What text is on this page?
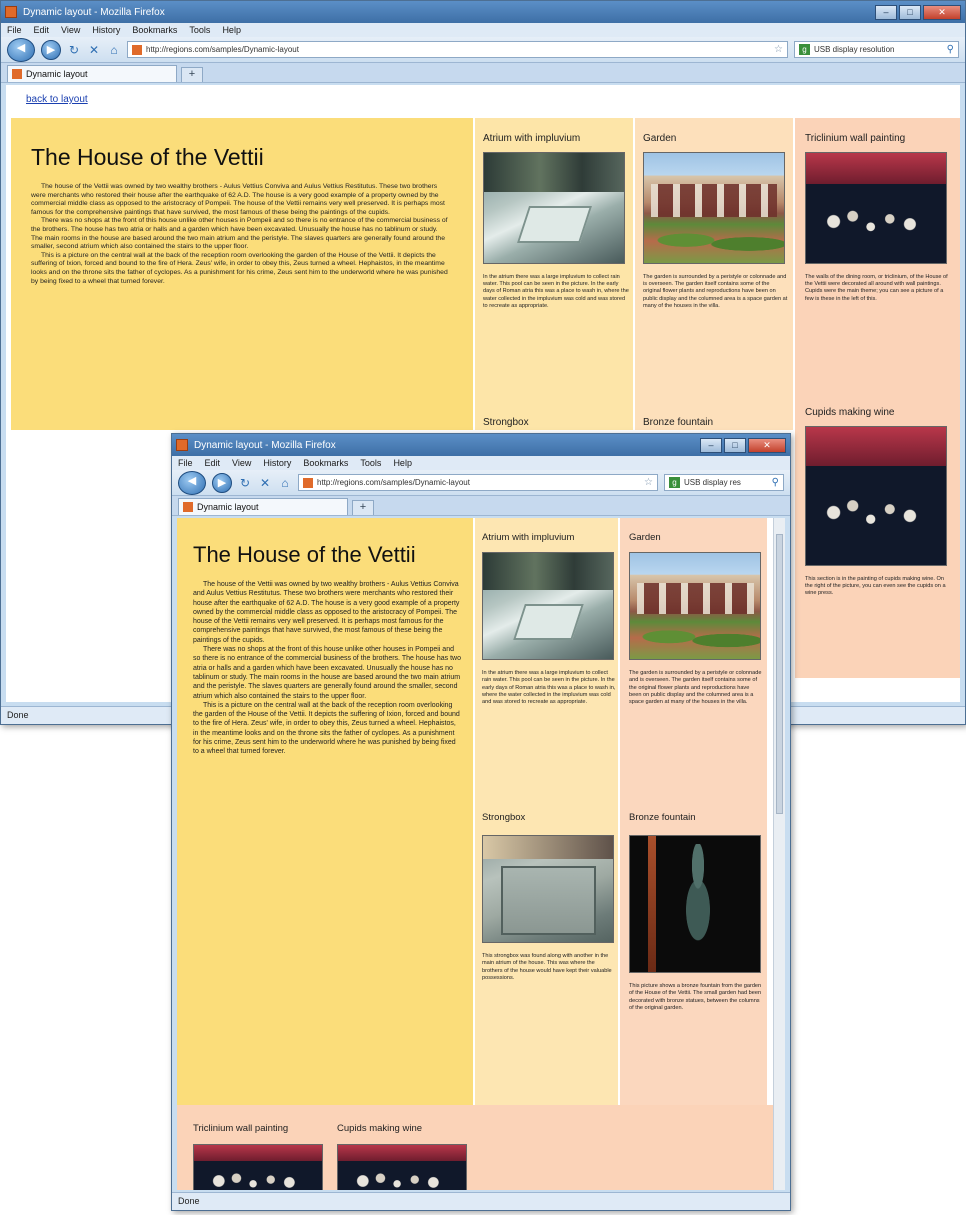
Dynamic layout - Mozilla Firefox	–	□	✕
File Edit View History Bookmarks Tools Help
◀	▶	↻ ✕ ⌂	http://regions.com/samples/Dynamic-layout	☆	g USB display resolution	⚲
Dynamic layout	+
back to layout
The House of the Vettii

The house of the Vettii was owned by two wealthy brothers - Aulus Vettius Conviva and Aulus Vettius Restitutus. These two brothers were merchants who restored their house after the earthquake of 62 A.D. The house is a very good example of a property owned by the commercial middle class as opposed to the aristocracy of Pompeii. The house of the Vettii remains very well preserved. It is perhaps most famous for the comprehensive paintings that have survived, the most famous of these being the paintings of the cupids.

There was no shops at the front of this house unlike other houses in Pompeii and so there is no entrance of the commercial business of the brothers. The house has two atria or halls and a garden which have been excavated. Unusually the house has no tablinum or study. The main rooms in the house are based around the two main atrium and the peristyle. The slaves quarters are generally found around the smaller, second atrium which also contained the stairs to the upper floor.

This is a picture on the central wall at the back of the reception room overlooking the garden of the House of the Vettii. It depicts the suffering of Ixion, forced and bound to the fire of Hera. Zeus' wife, in order to obey this, Zeus turned a wheel. Hephaistos, in the meantime looks and on the throne sits the father of cyclopes. As a punishment for his crime, Zeus sent him to the underworld where he was punished by being fixed to a wheel that turned forever.

Atrium with impluvium

In the atrium there was a large impluvium to collect rain water. This pool can be seen in the picture. In the early days of Roman atria this was a place to wash in, where the water collected in the impluvium was cold and was stored to recreate as appropriate.

Strongbox
Garden

The garden is surrounded by a peristyle or colonnade and is overseen. The garden itself contains some of the original flower plants and reproductions have been on public display and the columned area is a space garden at many of the houses in the villa.

Bronze fountain
Triclinium wall painting

The walls of the dining room, or triclinium, of the House of the Vettii were decorated all around with wall paintings. Cupids were the main theme; you can see a picture of a few is these in the left of this.

Cupids making wine

This section is in the painting of cupids making wine. On the right of the picture, you can even see the cupids on a wine press.

Done
Dynamic layout - Mozilla Firefox	–	□	✕
File Edit View History Bookmarks Tools Help
◀	▶	↻ ✕ ⌂	http://regions.com/samples/Dynamic-layout	☆	g USB display res	⚲
Dynamic layout	+
The House of the Vettii

The house of the Vettii was owned by two wealthy brothers - Aulus Vettius Conviva and Aulus Vettius Restitutus. These two brothers were merchants who restored their house after the earthquake of 62 A.D. The house is a very good example of a property owned by the commercial middle class as opposed to the aristocracy of Pompeii. The house of the Vettii remains very well preserved. It is perhaps most famous for the comprehensive paintings that have survived, the most famous of these being the paintings of the cupids.

There was no shops at the front of this house unlike other houses in Pompeii and so there is no entrance of the commercial business of the brothers. The house has two atria or halls and a garden which have been excavated. Unusually the house has no tablinum or study. The main rooms in the house are based around the two main atrium and the peristyle. The slaves quarters are generally found around the smaller, second atrium which also contained the stairs to the upper floor.

This is a picture on the central wall at the back of the reception room overlooking the garden of the House of the Vettii. It depicts the suffering of Ixion, forced and bound to the fire of Hera. Zeus' wife, in order to obey this, Zeus turned a wheel. Hephaistos, in the meantime looks and on the throne sits the father of cyclopes. As a punishment for his crime, Zeus sent him to the underworld where he was punished by being fixed to a wheel that turned forever.

Atrium with impluvium

In the atrium there was a large impluvium to collect rain water. This pool can be seen in the picture. In the early days of Roman atria this was a place to wash in, where the water collected in the impluvium was cold and was stored to recreate as appropriate.

Strongbox

This strongbox was found along with another in the main atrium of the house. This was where the brothers of the house would have kept their valuable possessions.

Garden

The garden is surrounded by a peristyle or colonnade and is overseen. The garden itself contains some of the original flower plants and reproductions have been on public display and the columned area is a space garden at many of the houses in the villa.

Bronze fountain

This picture shows a bronze fountain from the garden of the House of the Vettii. The small garden had been decorated with bronze statues, between the columns of the original garden.

Triclinium wall painting	Cupids making wine
Done
